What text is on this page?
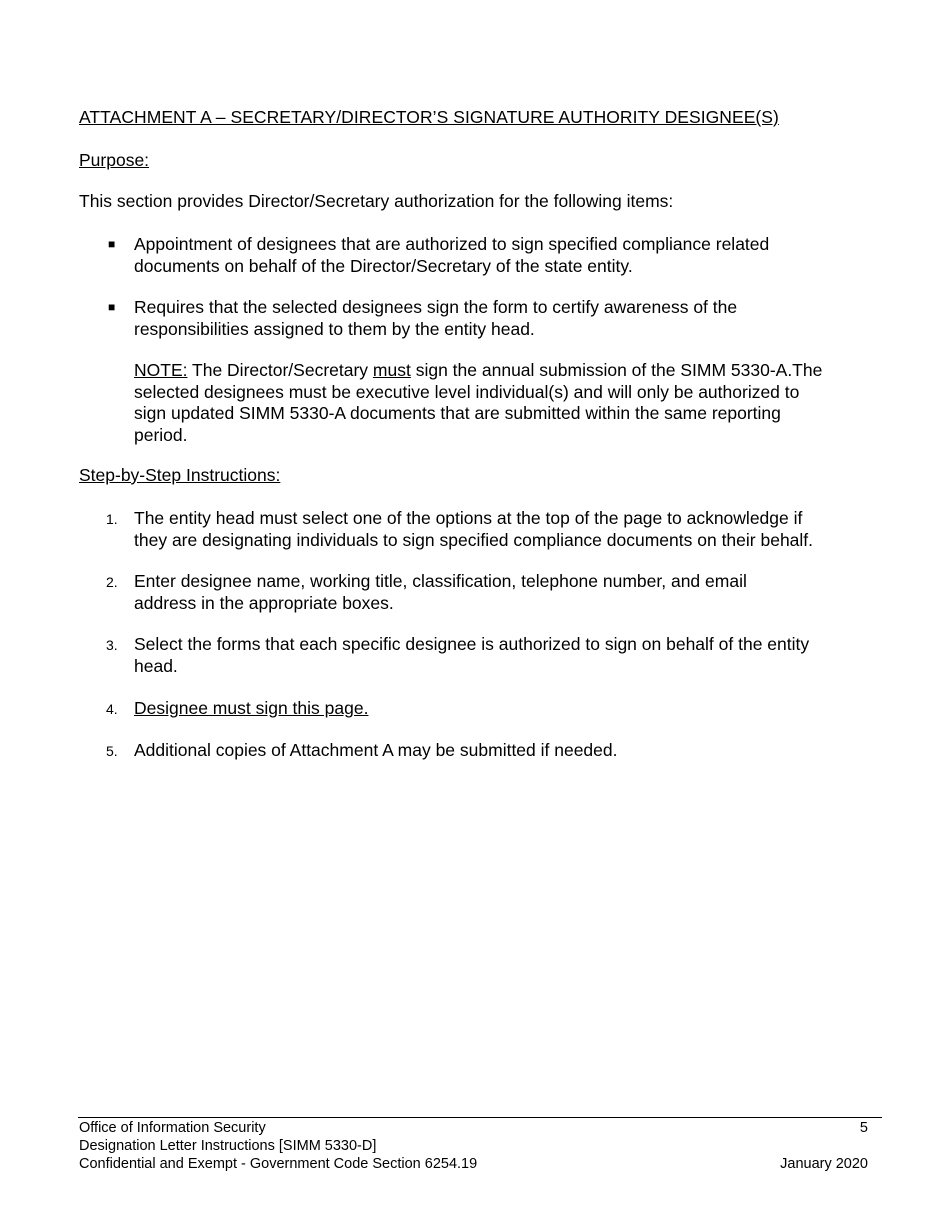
ATTACHMENT A – SECRETARY/DIRECTOR’S SIGNATURE AUTHORITY DESIGNEE(S)
Purpose:
This section provides Director/Secretary authorization for the following items:
■ Appointment of designees that are authorized to sign specified compliance related
documents on behalf of the Director/Secretary of the state entity.
■ Requires that the selected designees sign the form to certify awareness of the
responsibilities assigned to them by the entity head.
NOTE: The Director/Secretary must sign the annual submission of the SIMM 5330-A.The
selected designees must be executive level individual(s) and will only be authorized to
sign updated SIMM 5330-A documents that are submitted within the same reporting
period.
Step-by-Step Instructions:
1. The entity head must select one of the options at the top of the page to acknowledge if
they are designating individuals to sign specified compliance documents on their behalf.
2. Enter designee name, working title, classification, telephone number, and email
address in the appropriate boxes.
3. Select the forms that each specific designee is authorized to sign on behalf of the entity
head.
4. Designee must sign this page.
5. Additional copies of Attachment A may be submitted if needed.
Office of Information Security
Designation Letter Instructions [SIMM 5330-D]
Confidential and Exempt - Government Code Section 6254.19
5
January 2020
